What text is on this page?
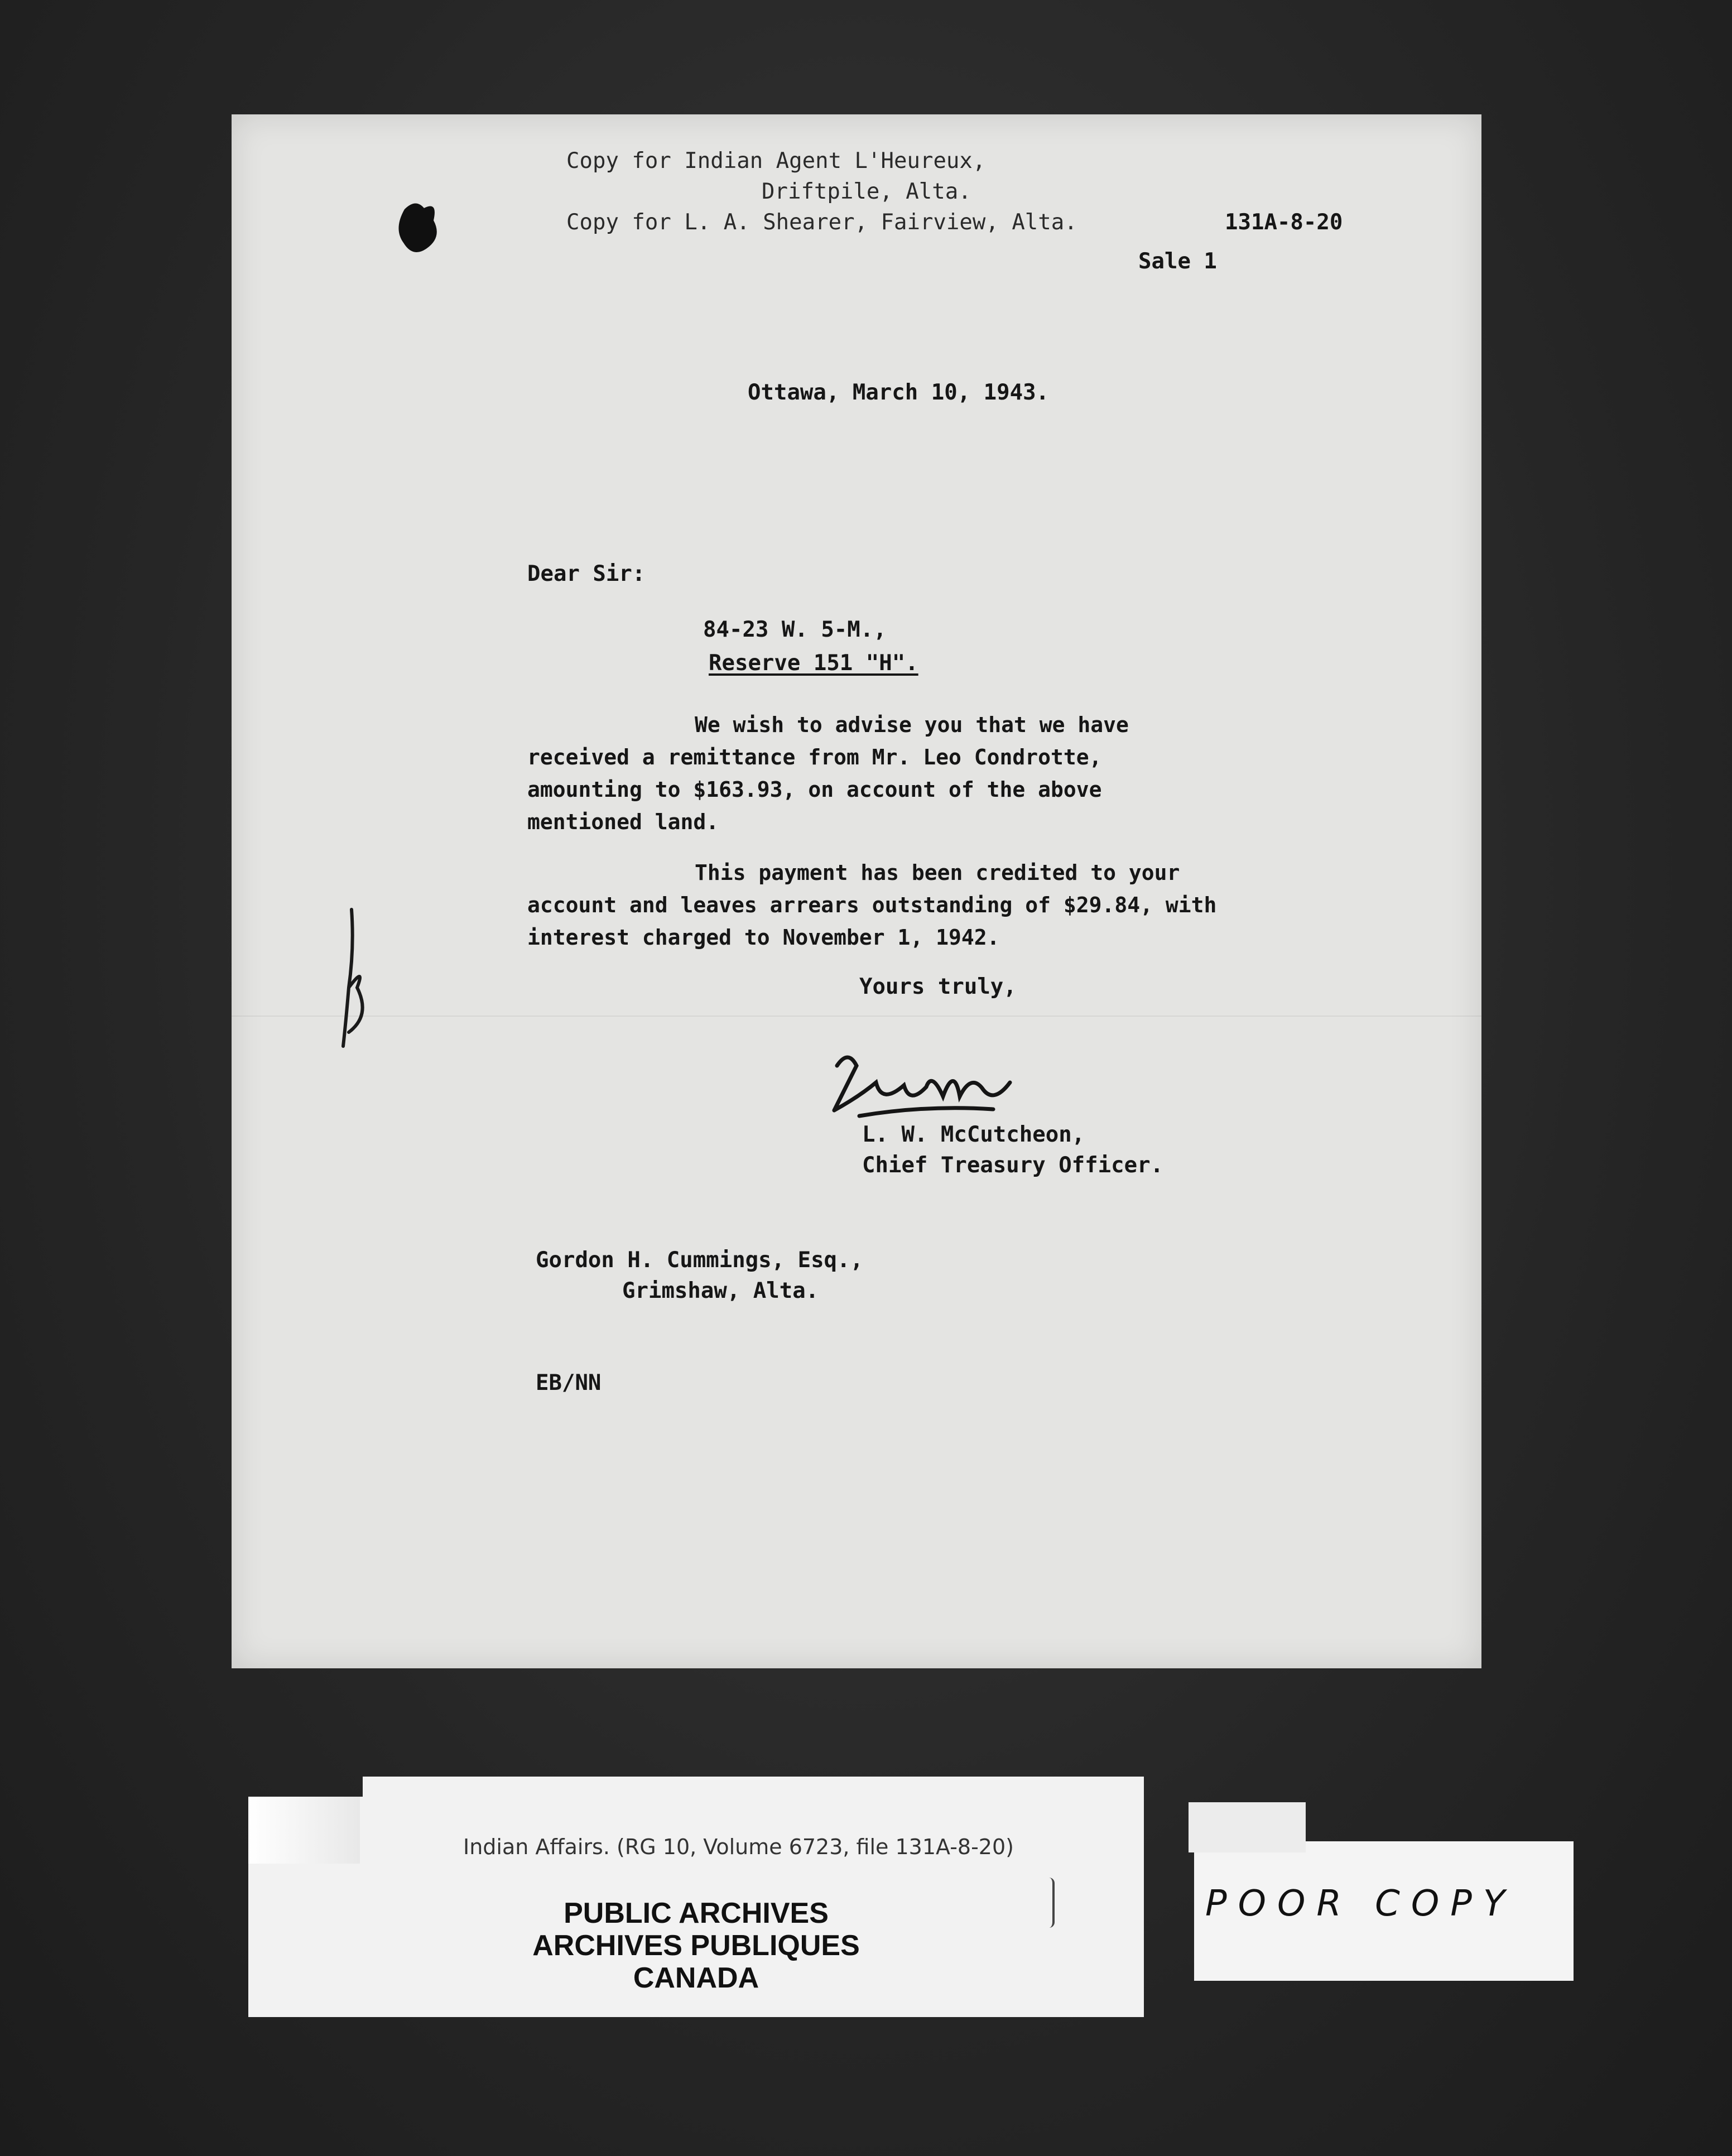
Copy for Indian Agent L'Heureux,
Driftpile, Alta.
Copy for L. A. Shearer, Fairview, Alta.	131A-8-20
Sale 1
Ottawa, March 10, 1943.
Dear Sir:
84-23 W. 5-M.,
Reserve 151 "H".
We wish to advise you that we have received a remittance from Mr. Leo Condrotte, amounting to $163.93, on account of the above mentioned land.
This payment has been credited to your account and leaves arrears outstanding of $29.84, with interest charged to November 1, 1942.
Yours truly,
L. W. McCutcheon,
Chief Treasury Officer.
Gordon H. Cummings, Esq.,
Grimshaw, Alta.
EB/NN
Indian Affairs. (RG 10, Volume 6723, file 131A-8-20)
PUBLIC ARCHIVES
ARCHIVES PUBLIQUES
CANADA
POOR COPY
